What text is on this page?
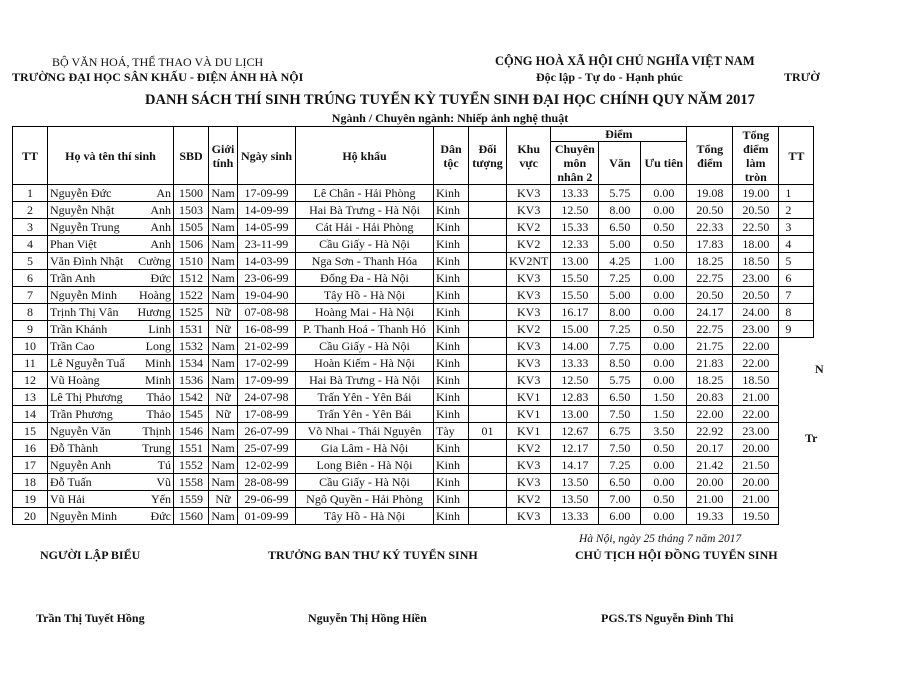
BỘ VĂN HOÁ, THỂ THAO VÀ DU LỊCH
TRƯỜNG ĐẠI HỌC SÂN KHẤU - ĐIỆN ẢNH HÀ NỘI
CỘNG HOÀ XÃ HỘI CHỦ NGHĨA VIỆT NAM
Độc lập - Tự do - Hạnh phúc	TRƯỜ
DANH SÁCH THÍ SINH TRÚNG TUYỂN KỲ TUYỂN SINH ĐẠI HỌC CHÍNH QUY NĂM 2017
Ngành / Chuyên ngành: Nhiếp ảnh nghệ thuật
TT	Họ và tên thí sinh	SBD	Giới tính	Ngày sinh	Hộ khẩu	Dân tộc	Đối tượng	Khu vực	Điểm			Tổng điểm	Tổng điểm làm tròn	TT
									Chuyên môn nhân 2	Văn	Ưu tiên			
1	Nguyễn Đức An	1500	Nam	17-09-99	Lê Chân - Hải Phòng	Kinh		KV3	13.33	5.75	0.00	19.08	19.00	1
2	Nguyễn Nhật Anh	1503	Nam	14-09-99	Hai Bà Trưng - Hà Nội	Kinh		KV3	12.50	8.00	0.00	20.50	20.50	2
3	Nguyễn Trung Anh	1505	Nam	14-05-99	Cát Hải - Hải Phòng	Kinh		KV2	15.33	6.50	0.50	22.33	22.50	3
4	Phan Việt Anh	1506	Nam	23-11-99	Cầu Giấy - Hà Nội	Kinh		KV2	12.33	5.00	0.50	17.83	18.00	4
5	Văn Đình Nhật Cường	1510	Nam	14-03-99	Nga Sơn - Thanh Hóa	Kinh		KV2NT	13.00	4.25	1.00	18.25	18.50	5
6	Trần Anh Đức	1512	Nam	23-06-99	Đống Đa - Hà Nội	Kinh		KV3	15.50	7.25	0.00	22.75	23.00	6
7	Nguyễn Minh Hoàng	1522	Nam	19-04-90	Tây Hồ - Hà Nội	Kinh		KV3	15.50	5.00	0.00	20.50	20.50	7
8	Trịnh Thị Vân Hương	1525	Nữ	07-08-98	Hoàng Mai - Hà Nội	Kinh		KV3	16.17	8.00	0.00	24.17	24.00	8
9	Trần Khánh Linh	1531	Nữ	16-08-99	P. Thanh Hoá - Thanh Hó	Kinh		KV2	15.00	7.25	0.50	22.75	23.00	9
10	Trần Cao Long	1532	Nam	21-02-99	Cầu Giấy - Hà Nội	Kinh		KV3	14.00	7.75	0.00	21.75	22.00	
11	Lê Nguyễn Tuấ Minh	1534	Nam	17-02-99	Hoàn Kiếm - Hà Nội	Kinh		KV3	13.33	8.50	0.00	21.83	22.00	
12	Vũ Hoàng Minh	1536	Nam	17-09-99	Hai Bà Trưng - Hà Nội	Kinh		KV3	12.50	5.75	0.00	18.25	18.50	
13	Lê Thị Phương Thảo	1542	Nữ	24-07-98	Trấn Yên - Yên Bái	Kinh		KV1	12.83	6.50	1.50	20.83	21.00	
14	Trần Phương Thảo	1545	Nữ	17-08-99	Trấn Yên - Yên Bái	Kinh		KV1	13.00	7.50	1.50	22.00	22.00	
15	Nguyễn Văn Thịnh	1546	Nam	26-07-99	Võ Nhai - Thái Nguyên	Tày	01	KV1	12.67	6.75	3.50	22.92	23.00	
16	Đỗ Thành Trung	1551	Nam	25-07-99	Gia Lâm - Hà Nội	Kinh		KV2	12.17	7.50	0.50	20.17	20.00	
17	Nguyễn Anh Tú	1552	Nam	12-02-99	Long Biên - Hà Nội	Kinh		KV3	14.17	7.25	0.00	21.42	21.50	
18	Đỗ Tuấn Vũ	1558	Nam	28-08-99	Cầu Giấy - Hà Nội	Kinh		KV3	13.50	6.50	0.00	20.00	20.00	
19	Vũ Hải Yến	1559	Nữ	29-06-99	Ngô Quyền - Hải Phòng	Kinh		KV2	13.50	7.00	0.50	21.00	21.00	
20	Nguyễn Minh Đức	1560	Nam	01-09-99	Tây Hồ - Hà Nội	Kinh		KV3	13.33	6.00	0.00	19.33	19.50	
N
Tr
Hà Nội, ngày 25 tháng 7 năm 2017
NGƯỜI LẬP BIỂU	TRƯỞNG BAN THƯ KÝ TUYỂN SINH	CHỦ TỊCH HỘI ĐỒNG TUYỂN SINH
Trần Thị Tuyết Hồng	Nguyễn Thị Hồng Hiền	PGS.TS Nguyễn Đình Thi
